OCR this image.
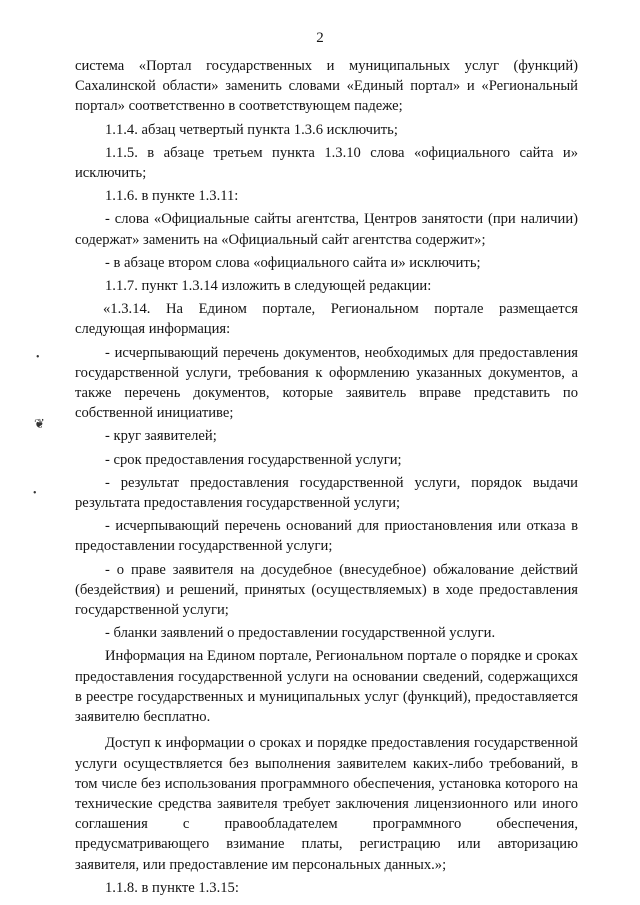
2
•
❦
•

система «Портал государственных и муниципальных услуг (функций) Сахалинской области» заменить словами «Единый портал» и «Региональный портал» соответственно в соответствующем падеже;

1.1.4. абзац четвертый пункта 1.3.6 исключить;

1.1.5. в абзаце третьем пункта 1.3.10 слова «официального сайта и» исключить;

1.1.6. в пункте 1.3.11:

- слова «Официальные сайты агентства, Центров занятости (при наличии) содержат» заменить на «Официальный сайт агентства содержит»;

- в абзаце втором слова «официального сайта и» исключить;

1.1.7. пункт 1.3.14 изложить в следующей редакции:

«1.3.14. На Едином портале, Региональном портале размещается следующая информация:

- исчерпывающий перечень документов, необходимых для предоставления государственной услуги, требования к оформлению указанных документов, а также перечень документов, которые заявитель вправе представить по собственной инициативе;

- круг заявителей;

- срок предоставления государственной услуги;

- результат предоставления государственной услуги, порядок выдачи результата предоставления государственной услуги;

- исчерпывающий перечень оснований для приостановления или отказа в предоставлении государственной услуги;

- о праве заявителя на досудебное (внесудебное) обжалование действий (бездействия) и решений, принятых (осуществляемых) в ходе предоставления государственной услуги;

- бланки заявлений о предоставлении государственной услуги.

Информация на Едином портале, Региональном портале о порядке и сроках предоставления государственной услуги на основании сведений, содержащихся в реестре государственных и муниципальных услуг (функций), предоставляется заявителю бесплатно.

Доступ к информации о сроках и порядке предоставления государственной услуги осуществляется без выполнения заявителем каких-либо требований, в том числе без использования программного обеспечения, установка которого на технические средства заявителя требует заключения лицензионного или иного соглашения с правообладателем программного обеспечения, предусматривающего взимание платы, регистрацию или авторизацию заявителя, или предоставление им персональных данных.»;

1.1.8. в пункте 1.3.15:
